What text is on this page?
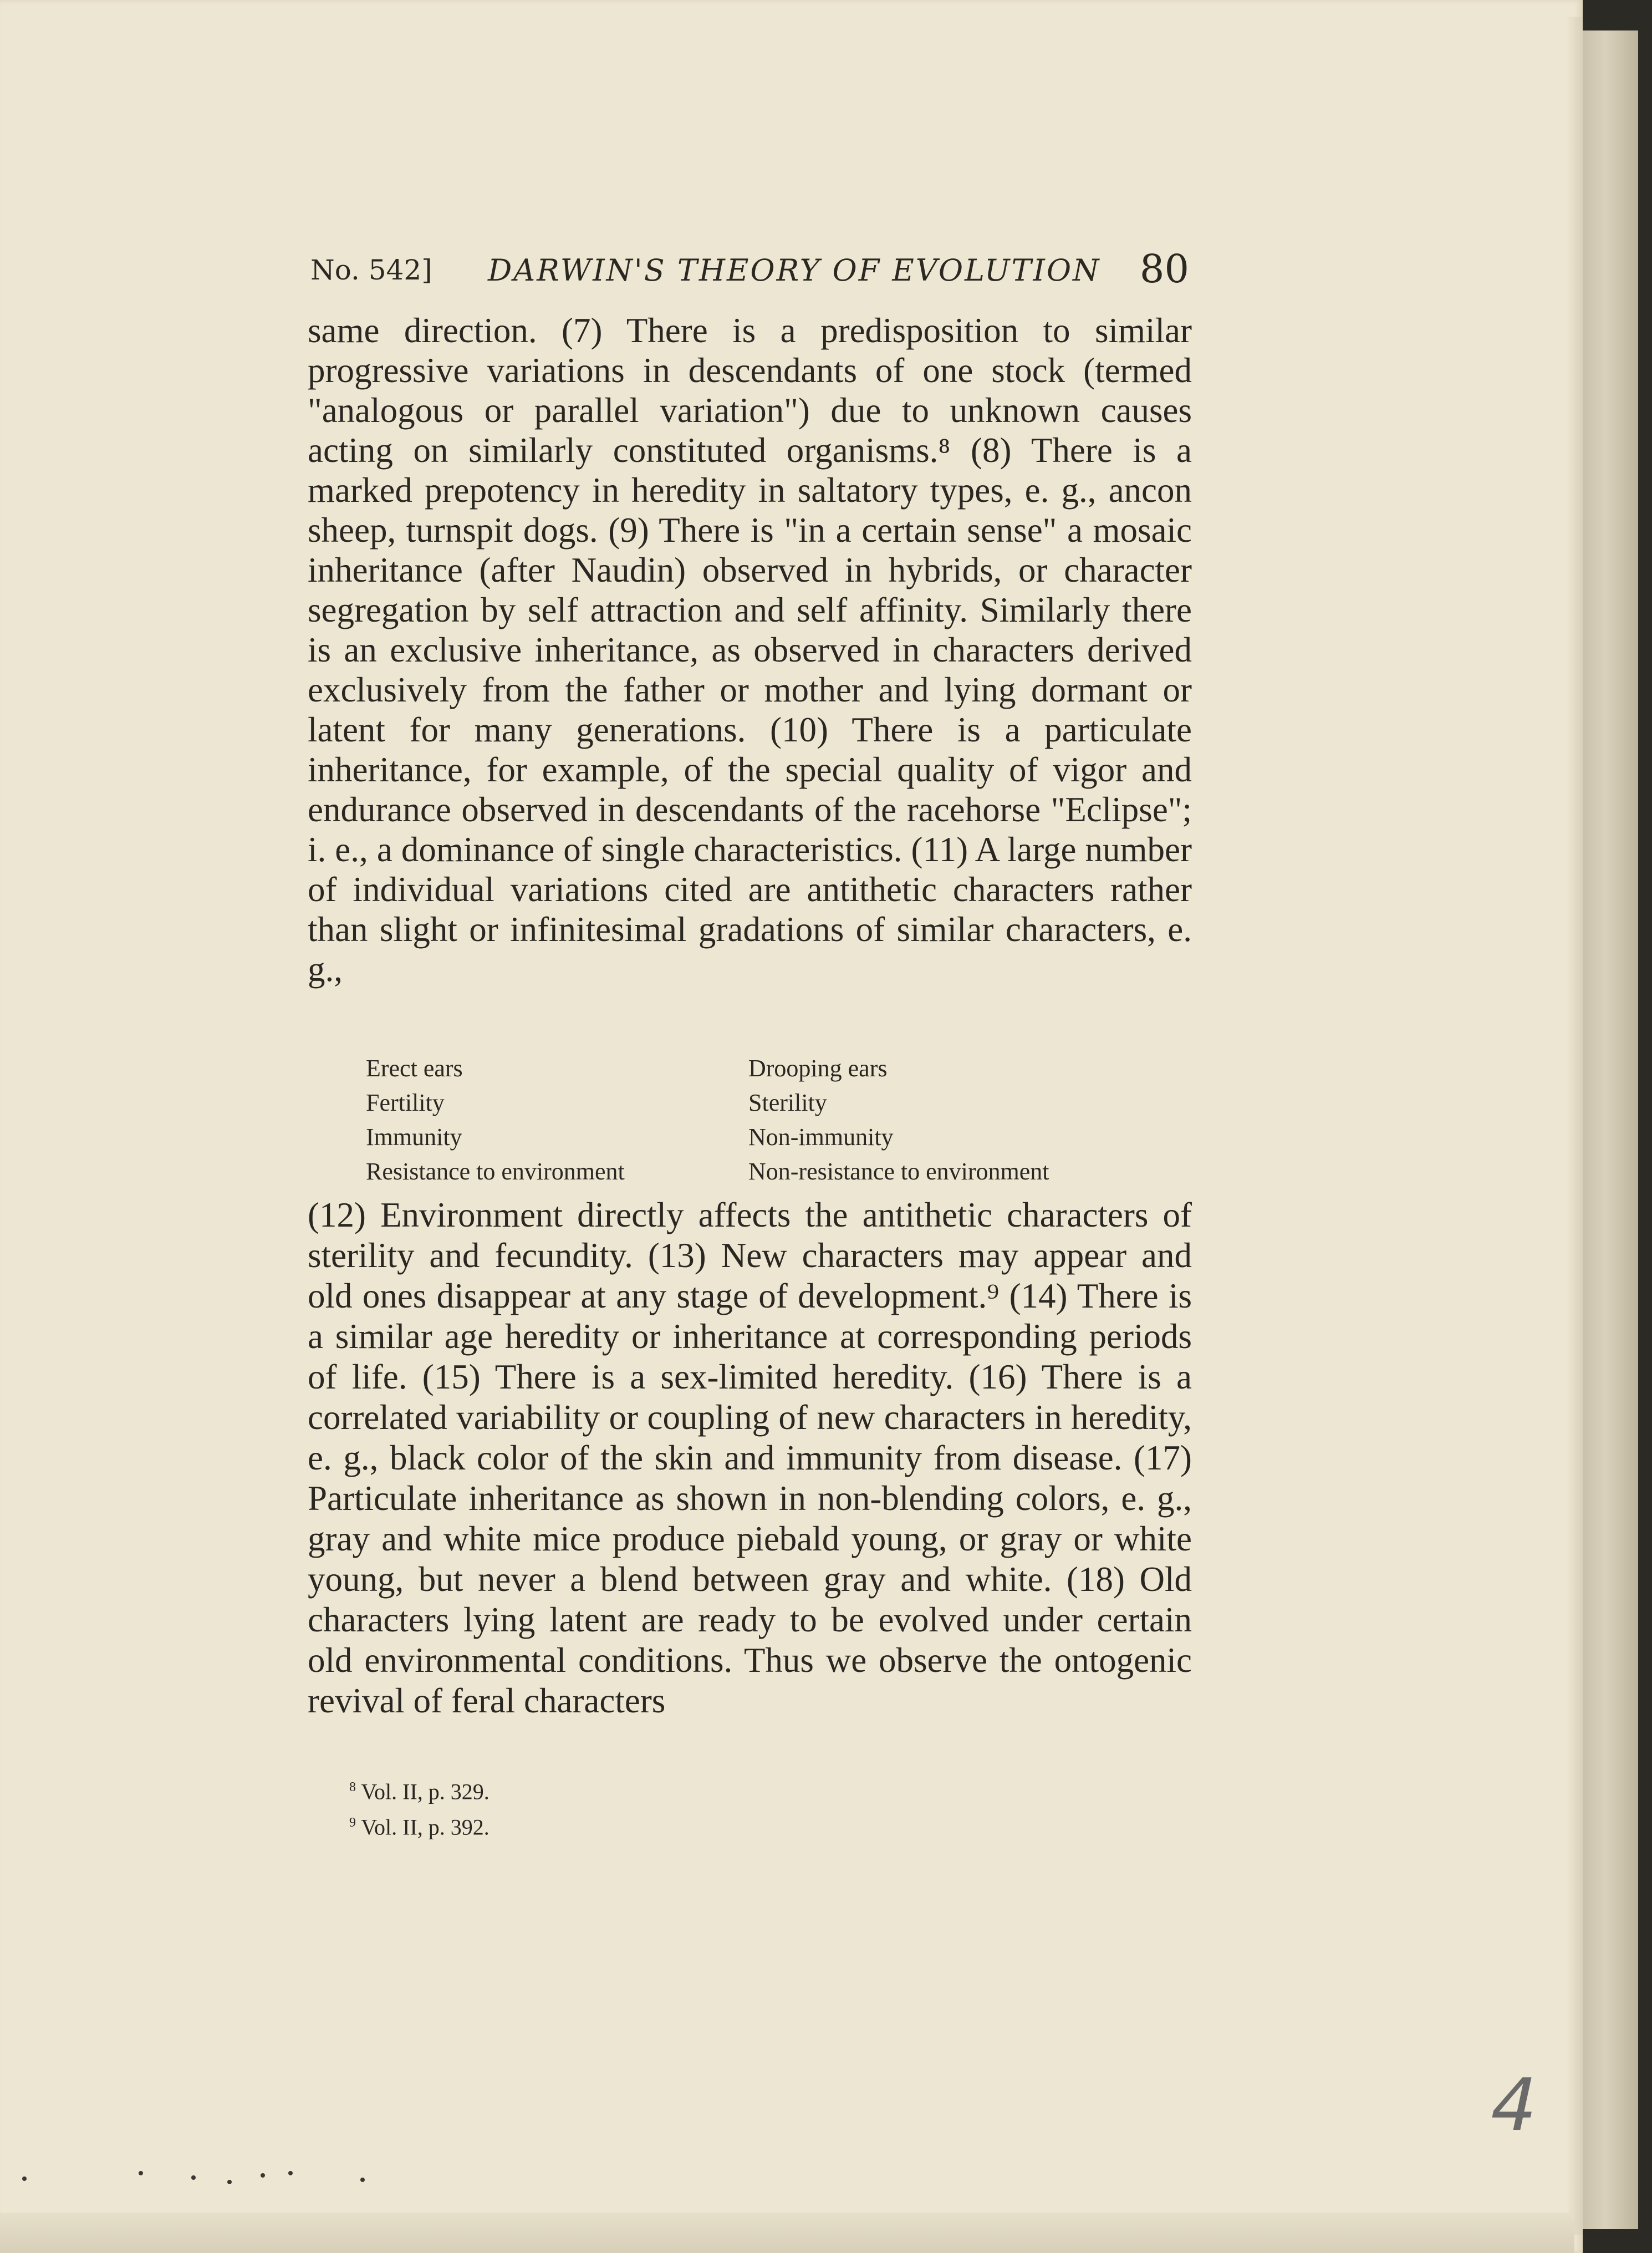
No. 542] DARWIN'S THEORY OF EVOLUTION 80

same direction. (7) There is a predisposition to similar progressive variations in descendants of one stock (termed "analogous or parallel variation") due to unknown causes acting on similarly constituted organisms.⁸ (8) There is a marked prepotency in heredity in saltatory types, e. g., ancon sheep, turnspit dogs. (9) There is "in a certain sense" a mosaic inheritance (after Naudin) observed in hybrids, or character segregation by self attraction and self affinity. Similarly there is an exclusive inheritance, as observed in characters derived exclusively from the father or mother and lying dormant or latent for many generations. (10) There is a particulate inheritance, for example, of the special quality of vigor and endurance observed in descendants of the racehorse "Eclipse"; i. e., a dominance of single characteristics. (11) A large number of individual variations cited are antithetic characters rather than slight or infinitesimal gradations of similar characters, e. g.,

Erect ears	Drooping ears
Fertility	Sterility
Immunity	Non-immunity
Resistance to environment	Non-resistance to environment

(12) Environment directly affects the antithetic characters of sterility and fecundity. (13) New characters may appear and old ones disappear at any stage of development.⁹ (14) There is a similar age heredity or inheritance at corresponding periods of life. (15) There is a sex-limited heredity. (16) There is a correlated variability or coupling of new characters in heredity, e. g., black color of the skin and immunity from disease. (17) Particulate inheritance as shown in non-blending colors, e. g., gray and white mice produce piebald young, or gray or white young, but never a blend between gray and white. (18) Old characters lying latent are ready to be evolved under certain old environmental conditions. Thus we observe the ontogenic revival of feral characters

$^8$ Vol. II, p. 329.
$^9$ Vol. II, p. 392.
4
